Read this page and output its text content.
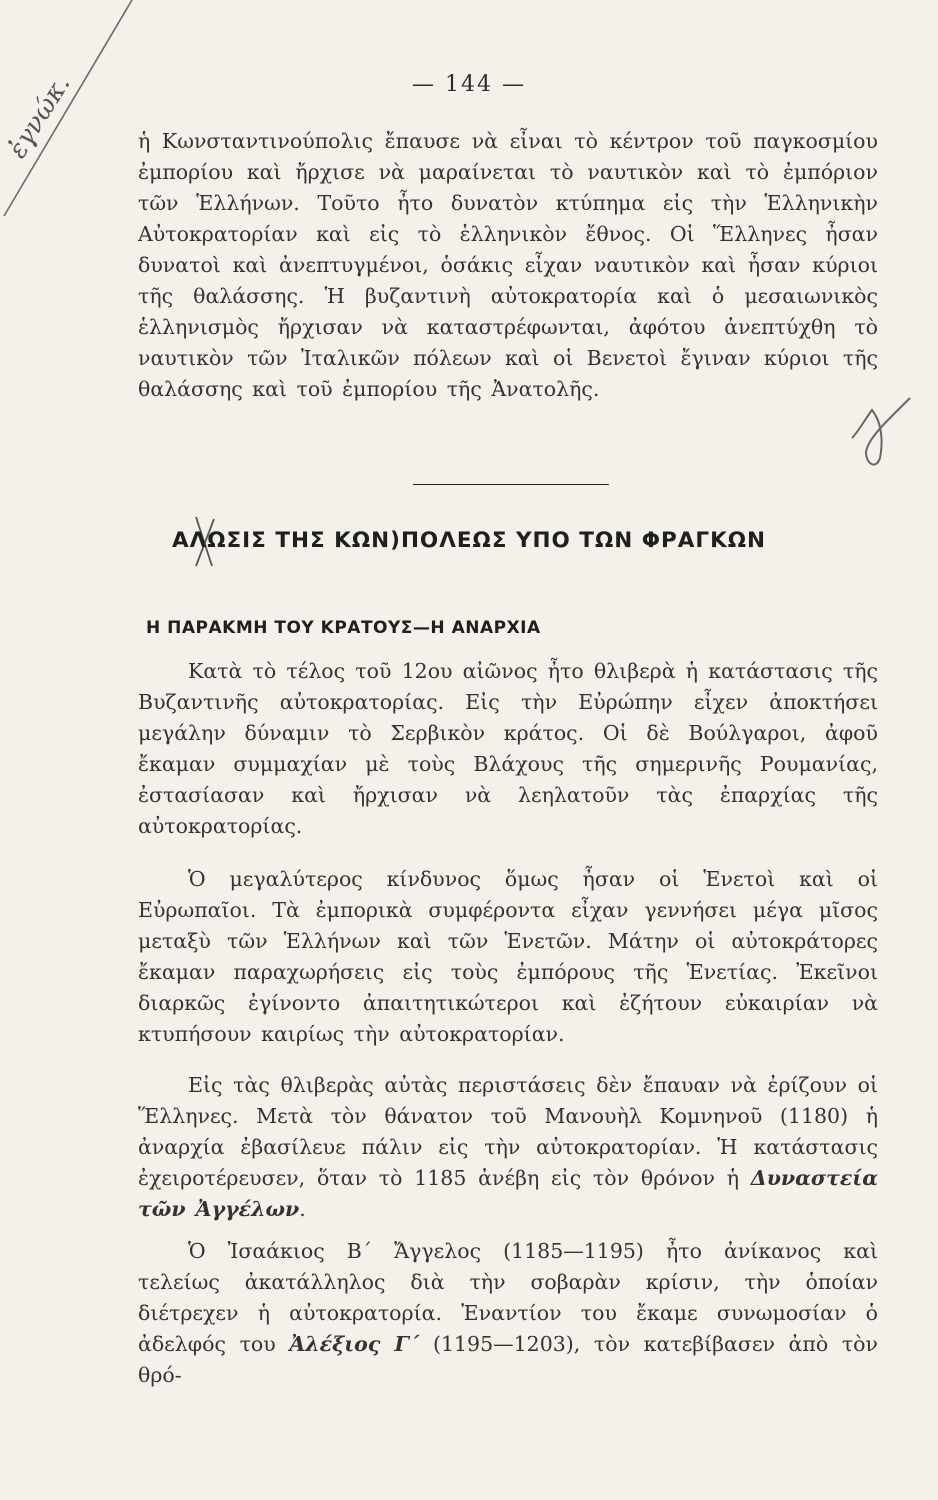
ἐγνώκ.	— 144 —

ἡ Κωνσταντινούπολις ἔπαυσε νὰ εἶναι τὸ κέντρον τοῦ παγκοσμίου ἐμπορίου καὶ ἤρχισε νὰ μαραίνεται τὸ ναυτικὸν καὶ τὸ ἐμπόριον τῶν Ἑλλήνων. Τοῦτο ἦτο δυνατὸν κτύπημα εἰς τὴν Ἑλληνικὴν Αὐτοκρατορίαν καὶ εἰς τὸ ἑλληνικὸν ἔθνος. Οἱ Ἕλληνες ἦσαν δυνατοὶ καὶ ἀνεπτυγμένοι, ὁσάκις εἶχαν ναυτικὸν καὶ ἦσαν κύριοι τῆς θαλάσσης. Ἡ βυζαντινὴ αὐτοκρατορία καὶ ὁ μεσαιωνικὸς ἑλληνισμὸς ἤρχισαν νὰ καταστρέφωνται, ἀφότου ἀνεπτύχθη τὸ ναυτικὸν τῶν Ἰταλικῶν πόλεων καὶ οἱ Βενετοὶ ἔγιναν κύριοι τῆς θαλάσσης καὶ τοῦ ἐμπορίου τῆς Ἀνατολῆς.

ΑΛΩΣΙΣ ΤΗΣ ΚΩΝ)ΠΟΛΕΩΣ ΥΠΟ ΤΩΝ ΦΡΑΓΚΩΝ
Η ΠΑΡΑΚΜΗ ΤΟΥ ΚΡΑΤΟΥΣ—Η ΑΝΑΡΧΙΑ

Κατὰ τὸ τέλος τοῦ 12ου αἰῶνος ἦτο θλιβερὰ ἡ κατάστασις τῆς Βυζαντινῆς αὐτοκρατορίας. Εἰς τὴν Εὐρώπην εἶχεν ἀποκτήσει μεγάλην δύναμιν τὸ Σερβικὸν κράτος. Οἱ δὲ Βούλγαροι, ἀφοῦ ἔκαμαν συμμαχίαν μὲ τοὺς Βλάχους τῆς σημερινῆς Ρουμανίας, ἐστασίασαν καὶ ἤρχισαν νὰ λεηλατοῦν τὰς ἐπαρχίας τῆς αὐτοκρατορίας.

Ὁ μεγαλύτερος κίνδυνος ὅμως ἦσαν οἱ Ἑνετοὶ καὶ οἱ Εὐρωπαῖοι. Τὰ ἐμπορικὰ συμφέροντα εἶχαν γεννήσει μέγα μῖσος μεταξὺ τῶν Ἑλλήνων καὶ τῶν Ἑνετῶν. Μάτην οἱ αὐτοκράτορες ἔκαμαν παραχωρήσεις εἰς τοὺς ἐμπόρους τῆς Ἑνετίας. Ἐκεῖνοι διαρκῶς ἐγίνοντο ἀπαιτητικώτεροι καὶ ἐζήτουν εὐκαιρίαν νὰ κτυπήσουν καιρίως τὴν αὐτοκρατορίαν.

Εἰς τὰς θλιβερὰς αὐτὰς περιστάσεις δὲν ἔπαυαν νὰ ἐρίζουν οἱ Ἕλληνες. Μετὰ τὸν θάνατον τοῦ Μανουὴλ Κομνηνοῦ (1180) ἡ ἀναρχία ἐβασίλευε πάλιν εἰς τὴν αὐτοκρατορίαν. Ἡ κατάστασις ἐχειροτέρευσεν, ὅταν τὸ 1185 ἀνέβη εἰς τὸν θρόνον ἡ Δυναστεία τῶν Ἀγγέλων.

Ὁ Ἰσαάκιος Β΄ Ἄγγελος (1185—1195) ἦτο ἀνίκανος καὶ τελείως ἀκατάλληλος διὰ τὴν σοβαρὰν κρίσιν, τὴν ὁποίαν διέτρεχεν ἡ αὐτοκρατορία. Ἐναντίον του ἔκαμε συνωμοσίαν ὁ ἀδελφός του Ἀλέξιος Γ΄ (1195—1203), τὸν κατεβίβασεν ἀπὸ τὸν θρό-
